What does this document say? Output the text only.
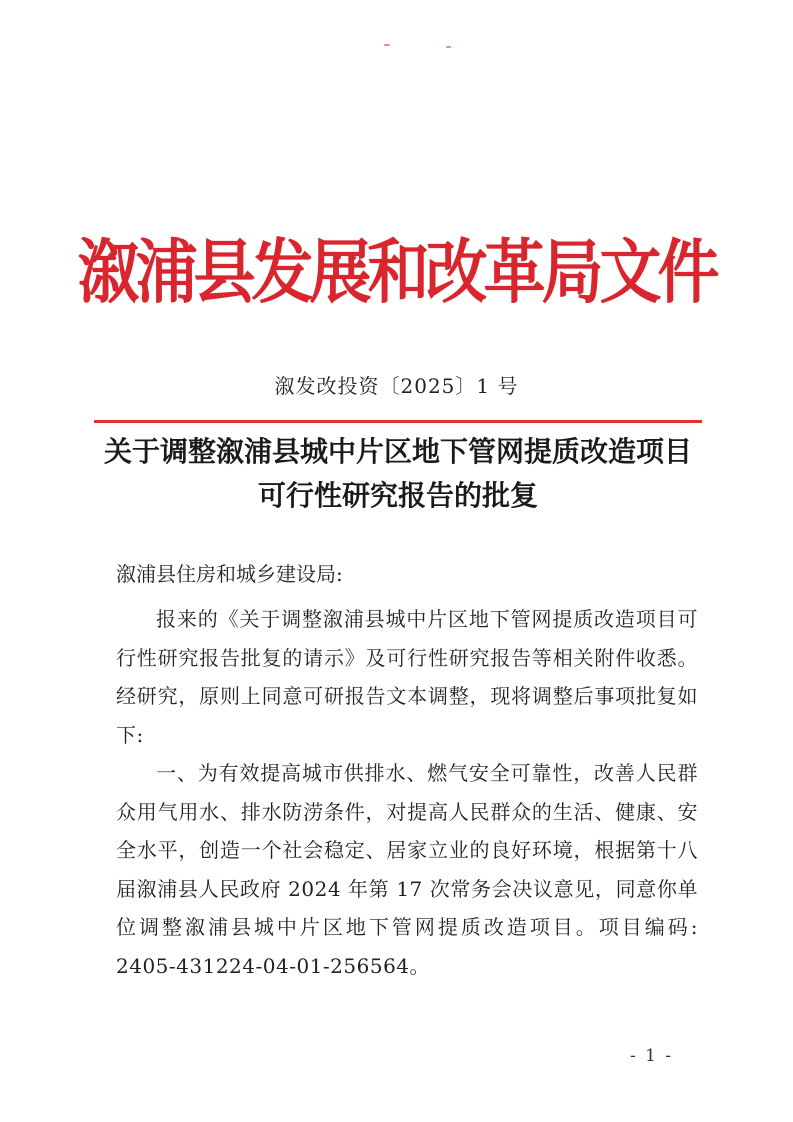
溆浦县发展和改革局文件
溆发改投资〔2025〕1 号
关于调整溆浦县城中片区地下管网提质改造项目可行性研究报告的批复
溆浦县住房和城乡建设局:

报来的《关于调整溆浦县城中片区地下管网提质改造项目可行性研究报告批复的请示》及可行性研究报告等相关附件收悉。经研究，原则上同意可研报告文本调整，现将调整后事项批复如下:

一、为有效提高城市供排水、燃气安全可靠性，改善人民群众用气用水、排水防涝条件，对提高人民群众的生活、健康、安全水平，创造一个社会稳定、居家立业的良好环境，根据第十八届溆浦县人民政府 2024 年第 17 次常务会决议意见，同意你单位调整溆浦县城中片区地下管网提质改造项目。项目编码: 2405-431224-04-01-256564。

- 1 -
